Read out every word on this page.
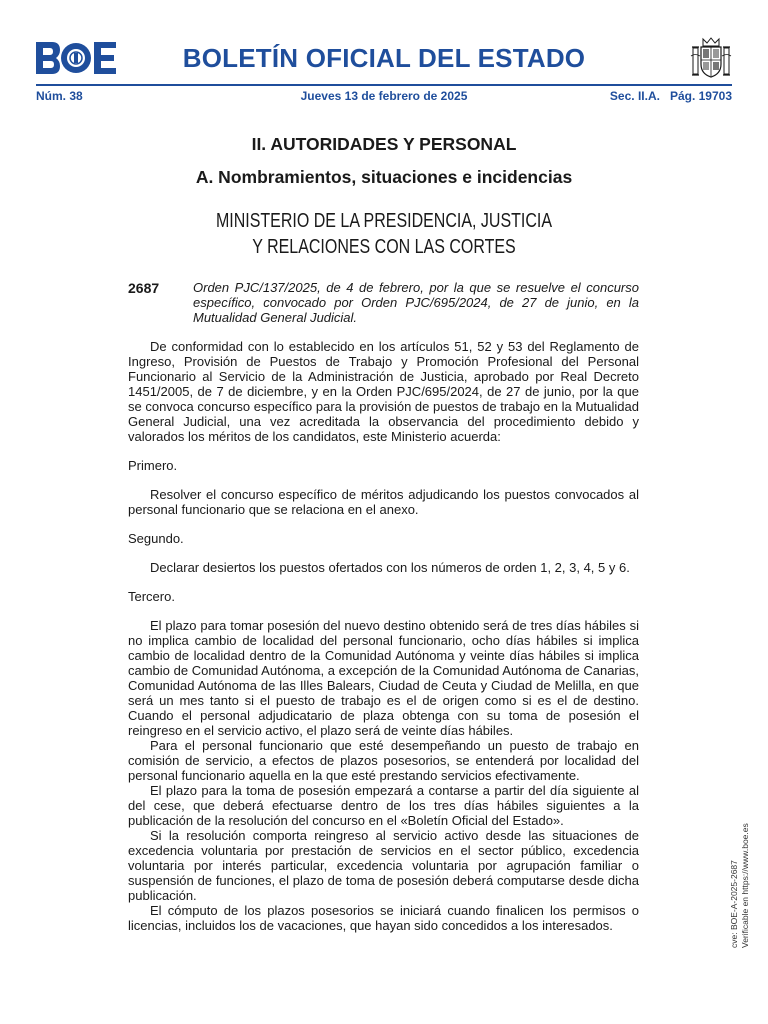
BOLETÍN OFICIAL DEL ESTADO
Núm. 38	Jueves 13 de febrero de 2025	Sec. II.A.   Pág. 19703
II. AUTORIDADES Y PERSONAL
A. Nombramientos, situaciones e incidencias
MINISTERIO DE LA PRESIDENCIA, JUSTICIA
Y RELACIONES CON LAS CORTES
2687	Orden PJC/137/2025, de 4 de febrero, por la que se resuelve el concurso específico, convocado por Orden PJC/695/2024, de 27 de junio, en la Mutualidad General Judicial.

De conformidad con lo establecido en los artículos 51, 52 y 53 del Reglamento de Ingreso, Provisión de Puestos de Trabajo y Promoción Profesional del Personal Funcionario al Servicio de la Administración de Justicia, aprobado por Real Decreto 1451/2005, de 7 de diciembre, y en la Orden PJC/695/2024, de 27 de junio, por la que se convoca concurso específico para la provisión de puestos de trabajo en la Mutualidad General Judicial, una vez acreditada la observancia del procedimiento debido y valorados los méritos de los candidatos, este Ministerio acuerda:

Primero.

Resolver el concurso específico de méritos adjudicando los puestos convocados al personal funcionario que se relaciona en el anexo.

Segundo.

Declarar desiertos los puestos ofertados con los números de orden 1, 2, 3, 4, 5 y 6.

Tercero.

El plazo para tomar posesión del nuevo destino obtenido será de tres días hábiles si no implica cambio de localidad del personal funcionario, ocho días hábiles si implica cambio de localidad dentro de la Comunidad Autónoma y veinte días hábiles si implica cambio de Comunidad Autónoma, a excepción de la Comunidad Autónoma de Canarias, Comunidad Autónoma de las Illes Balears, Ciudad de Ceuta y Ciudad de Melilla, en que será un mes tanto si el puesto de trabajo es el de origen como si es el de destino. Cuando el personal adjudicatario de plaza obtenga con su toma de posesión el reingreso en el servicio activo, el plazo será de veinte días hábiles.

Para el personal funcionario que esté desempeñando un puesto de trabajo en comisión de servicio, a efectos de plazos posesorios, se entenderá por localidad del personal funcionario aquella en la que esté prestando servicios efectivamente.

El plazo para la toma de posesión empezará a contarse a partir del día siguiente al del cese, que deberá efectuarse dentro de los tres días hábiles siguientes a la publicación de la resolución del concurso en el «Boletín Oficial del Estado».

Si la resolución comporta reingreso al servicio activo desde las situaciones de excedencia voluntaria por prestación de servicios en el sector público, excedencia voluntaria por interés particular, excedencia voluntaria por agrupación familiar o suspensión de funciones, el plazo de toma de posesión deberá computarse desde dicha publicación.

El cómputo de los plazos posesorios se iniciará cuando finalicen los permisos o licencias, incluidos los de vacaciones, que hayan sido concedidos a los interesados.	cve: BOE-A-2025-2687 Verificable en https://www.boe.es
